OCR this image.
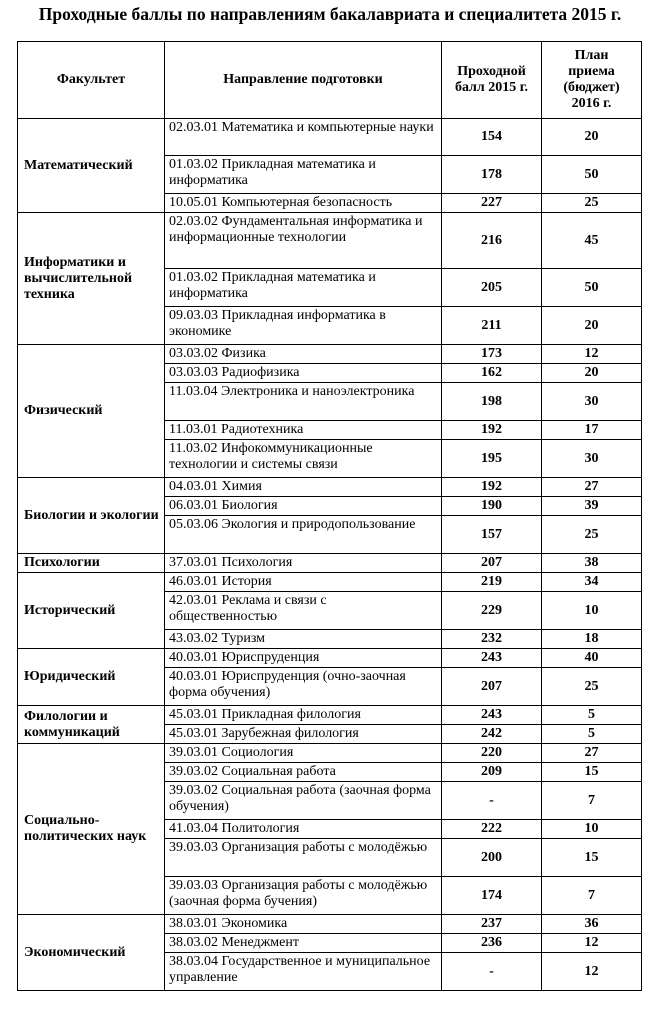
Проходные баллы по направлениям бакалавриата и специалитета 2015 г.
Факультет	Направление подготовки	Проходной балл 2015 г.	План приема (бюджет) 2016 г.
Математический	02.03.01 Математика и компьютерные науки	154	20
	01.03.02 Прикладная математика и информатика	178	50
	10.05.01 Компьютерная безопасность	227	25
Информатики и вычислительной техника	02.03.02 Фундаментальная информатика и информационные технологии	216	45
	01.03.02 Прикладная математика и информатика	205	50
	09.03.03 Прикладная информатика в экономике	211	20
Физический	03.03.02 Физика	173	12
	03.03.03 Радиофизика	162	20
	11.03.04 Электроника и наноэлектроника	198	30
	11.03.01 Радиотехника	192	17
	11.03.02 Инфокоммуникационные технологии и системы связи	195	30
Биологии и экологии	04.03.01 Химия	192	27
	06.03.01 Биология	190	39
	05.03.06 Экология и природопользование	157	25
Психологии	37.03.01 Психология	207	38
Исторический	46.03.01 История	219	34
	42.03.01 Реклама и связи с общественностью	229	10
	43.03.02 Туризм	232	18
Юридический	40.03.01 Юриспруденция	243	40
	40.03.01 Юриспруденция (очно-заочная форма обучения)	207	25
Филологии и коммуникаций	45.03.01 Прикладная филология	243	5
	45.03.01 Зарубежная филология	242	5
Социально-политических наук	39.03.01 Социология	220	27
	39.03.02 Социальная работа	209	15
	39.03.02 Социальная работа (заочная форма обучения)	-	7
	41.03.04 Политология	222	10
	39.03.03 Организация работы с молодёжью	200	15
	39.03.03 Организация работы с молодёжью (заочная форма бучения)	174	7
Экономический	38.03.01 Экономика	237	36
	38.03.02 Менеджмент	236	12
	38.03.04 Государственное и муниципальное управление	-	12
